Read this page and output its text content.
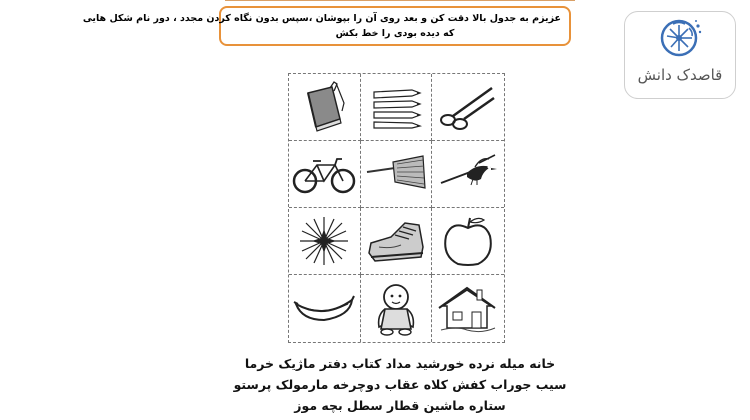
عزیزم به جدول بالا دقت کن و بعد روی آن را بپوشان ،سپس بدون نگاه کردن مجدد ، دور نام شکل هایی
که دیده بودی را خط بکش
قاصدک دانش
خانه میله نرده خورشید مداد کتاب دفتر ماژیک خرما
سیب جوراب کفش کلاه عقاب دوچرخه مارمولک پرستو
ستاره ماشین قطار سطل بچه موز
